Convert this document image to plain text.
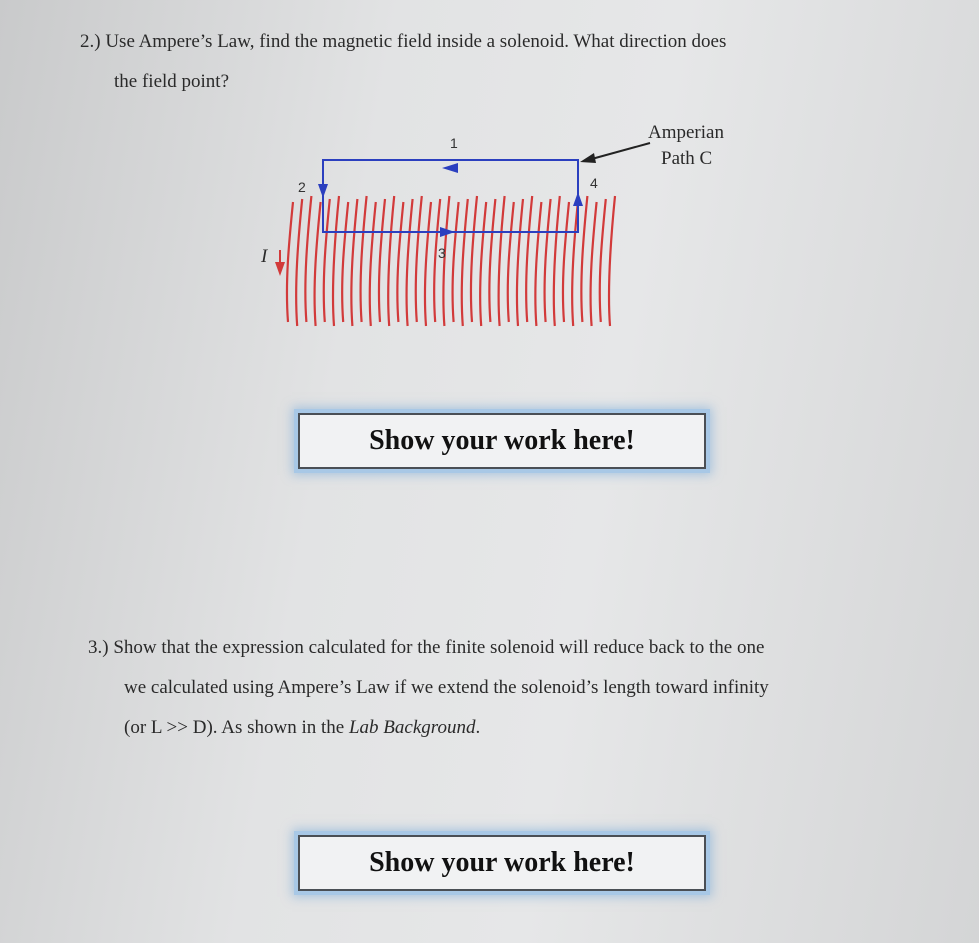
2.) Use Ampere’s Law, find the magnetic field inside a solenoid. What direction does
the field point?
1
2
3
4
I
Amperian
Path C
Show your work here!
3.) Show that the expression calculated for the finite solenoid will reduce back to the one
we calculated using Ampere’s Law if we extend the solenoid’s length toward infinity
(or L >> D). As shown in the Lab Background.
Show your work here!
